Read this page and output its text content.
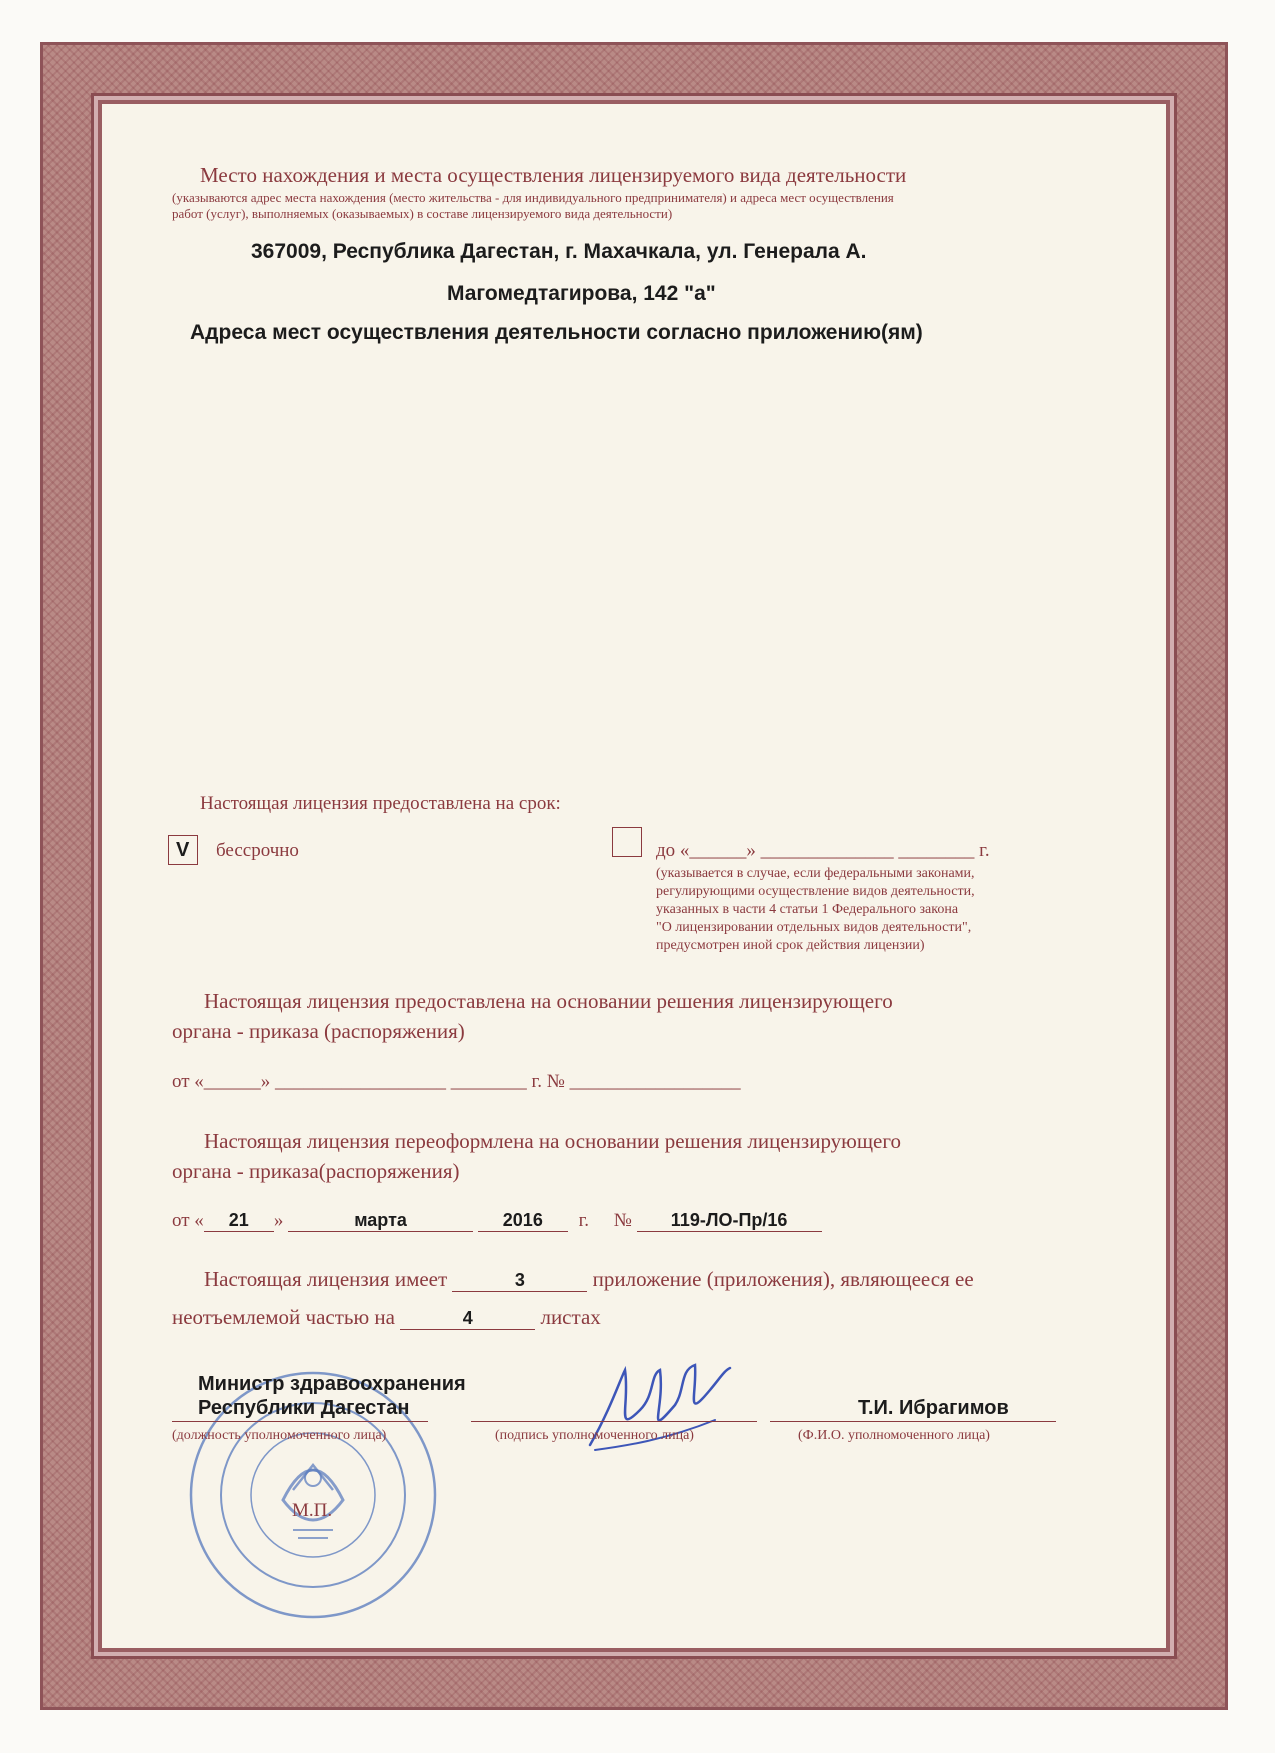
Место нахождения и места осуществления лицензируемого вида деятельности
(указываются адрес места нахождения (место жительства - для индивидуального предпринимателя) и адреса мест осуществления
работ (услуг), выполняемых (оказываемых) в составе лицензируемого вида деятельности)
367009, Республика Дагестан, г. Махачкала, ул. Генерала А.
Магомедтагирова, 142 "а"
Адреса мест осуществления деятельности согласно приложению(ям)
Настоящая лицензия предоставлена на срок:
V бессрочно	до «______» ______________ ________ г.
(указывается в случае, если федеральными законами,
регулирующими осуществление видов деятельности,
указанных в части 4 статьи 1 Федерального закона
"О лицензировании отдельных видов деятельности",
предусмотрен иной срок действия лицензии)
Настоящая лицензия предоставлена на основании решения лицензирующего
органа - приказа (распоряжения)
от «______» __________________ ________ г. № __________________
Настоящая лицензия переоформлена на основании решения лицензирующего
органа - приказа(распоряжения)
от « 21 »	марта	2016 г. № 119-ЛО-Пр/16
Настоящая лицензия имеет	3	приложение (приложения), являющееся ее
неотъемлемой частью на	4	листах
Министр здравоохранения
Республики Дагестан	Т.И. Ибрагимов
(должность уполномоченного лица)	(подпись уполномоченного лица)	(Ф.И.О. уполномоченного лица)
М.П.
